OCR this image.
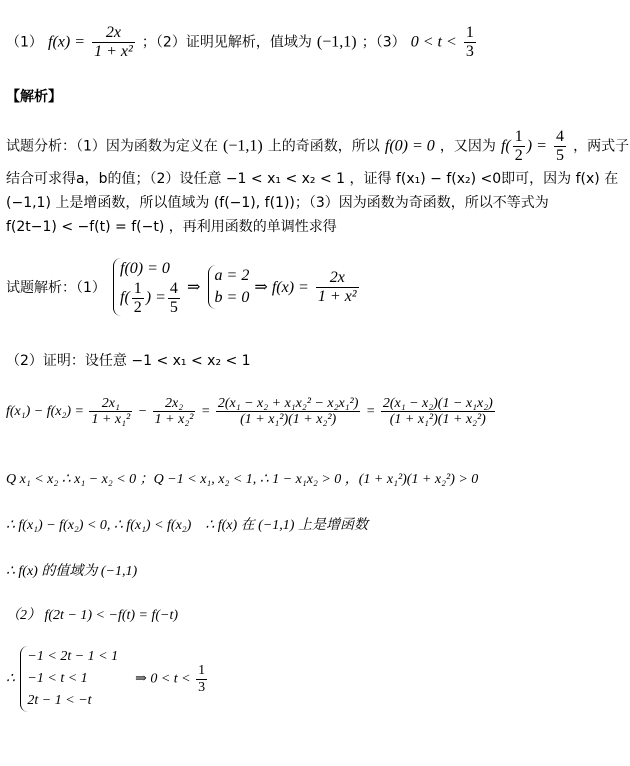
（1） $f(x) = \frac{2x}{\text{1 + x²}}$ ；（2）证明见解析，值域为 (−1,1) ；（3） $0 < t < \frac{1}{3}$
【解析】
试题分析：（1）因为函数为定义在 (−1,1) 上的奇函数，所以 f(0) = 0 ，又因为 $f( \frac{1}{2}$ ) = $\frac{4}{5}$ ，两式子
结合可求得a，b的值；（2）设任意 −1 < x₁ < x₂ < 1 ，证得 f(x₁) − f(x₂) <0即可，因为 f(x) 在
(−1,1) 上是增函数，所以值域为 (f(−1), f(1))；（3）因为函数为奇函数，所以不等式为
f(2t−1) < −f(t) = f(−t) ，再利用函数的单调性求得
试题解析：（1）
f(0) = 0
$f( \frac{1}{2}$ ) = $\frac{4}{5}$ ⇒
a = 2
b = 0
⇒ $f(x) = \frac{2x}{\text{1 + x²}}$
（2）证明：设任意 −1 < x₁ < x₂ < 1
$f(x_1) - f(x_2) = \frac{\text{2x₁}}{\text{1 + x₁²}} - \frac{\text{2x₂}}{\text{1 + x₂²}} = \frac{\text{2(x₁ − x₂ + x₁x₂² − x₂x₁²)}}{\text{(1 + x₁²)(1 + x₂²)}} = \frac{\text{2(x₁ − x₂)(1 − x₁x₂)}}{\text{(1 + x₁²)(1 + x₂²)}}$
Q x₁ < x₂ ∴ x₁ − x₂ < 0 ；Q −1 < x₁, x₂ < 1, ∴ 1 − x₁x₂ > 0 ，(1 + x₁²)(1 + x₂²) > 0
∴ f(x₁) − f(x₂) < 0, ∴ f(x₁) < f(x₂)　∴ f(x) 在 (−1,1) 上是增函数
∴ f(x) 的值域为 (−1,1)
（2） f(2t − 1) < −f(t) = f(−t)
∴
−1 < 2t − 1 < 1
−1 < t < 1
2t − 1 < −t
⇒ $0 < t < \frac{1}{3}$
